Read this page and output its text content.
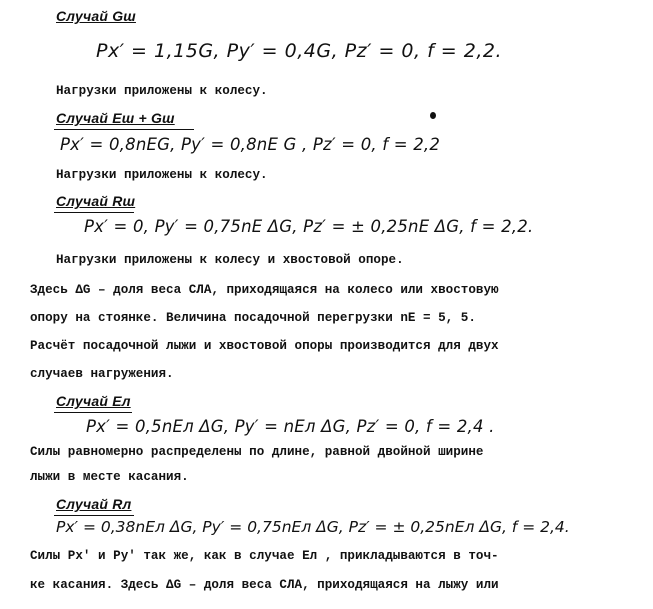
Случай Gш
Px′ = 1,15G, Py′ = 0,4G, Pz′ = 0, f = 2,2.
Нагрузки приложены к колесу.
Случай Eш + Gш
Px′ = 0,8nEG, Py′ = 0,8nE G , Pz′ = 0, f = 2,2
Нагрузки приложены к колесу.
Случай Rш
Px′ = 0, Py′ = 0,75nE ΔG, Pz′ = ± 0,25nE ΔG, f = 2,2.
Нагрузки приложены к колесу и хвостовой опоре.
Здесь ΔG – доля веса СЛА, приходящаяся на колесо или хвостовую
опору на стоянке. Величина посадочной перегрузки nE = 5, 5.
Расчёт посадочной лыжи и хвостовой опоры производится для двух
случаев нагружения.
Случай Eл
Px′ = 0,5nEл ΔG, Py′ = nEл ΔG, Pz′ = 0, f = 2,4 .
Силы равномерно распределены по длине, равной двойной ширине
лыжи в месте касания.
Случай Rл
Px′ = 0,38nEл ΔG, Py′ = 0,75nEл ΔG, Pz′ = ± 0,25nEл ΔG, f = 2,4.
Силы Px′ и Py′ так же, как в случае Eл , прикладываются в точ-
ке касания. Здесь ΔG – доля веса СЛА, приходящаяся на лыжу или
